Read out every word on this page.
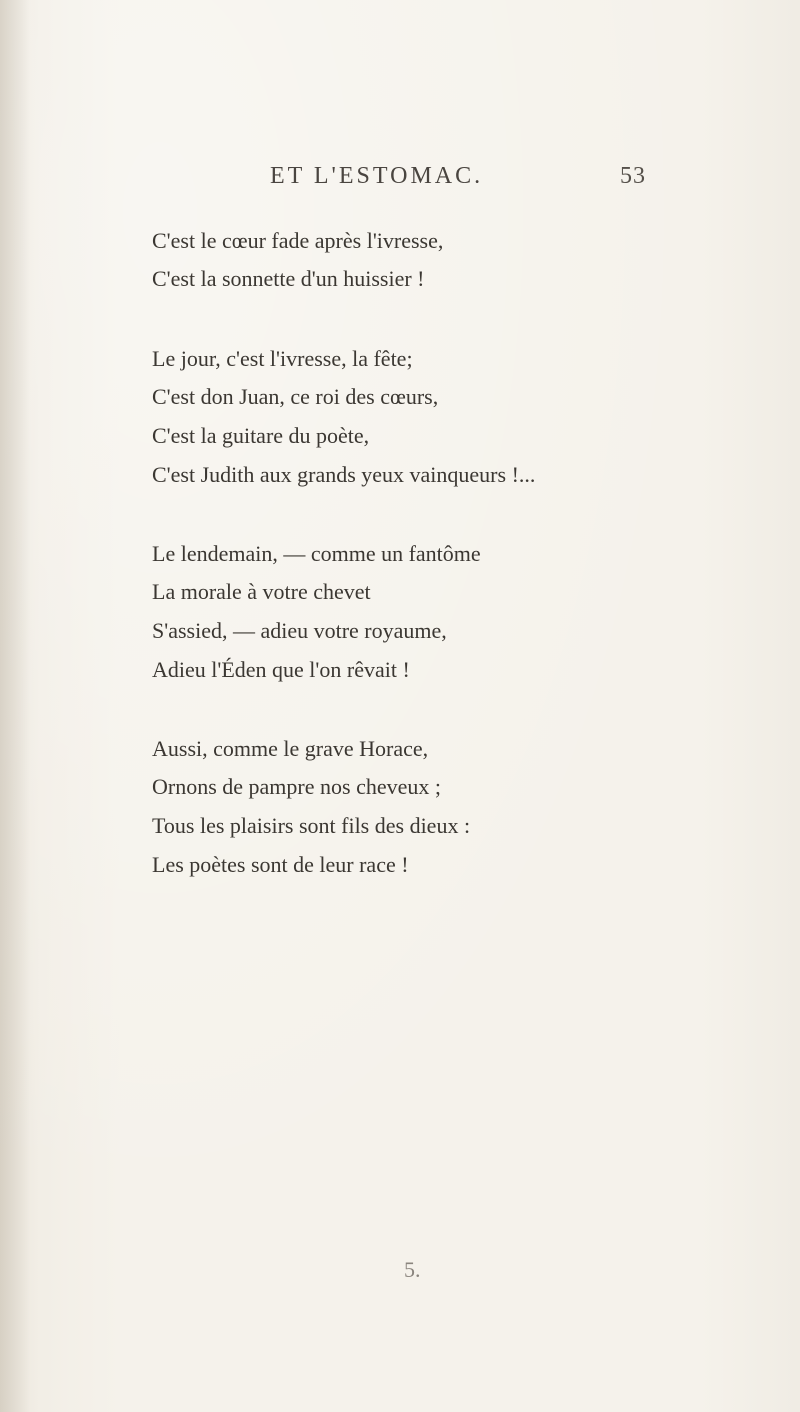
ET L'ESTOMAC.	53
C'est le cœur fade après l'ivresse,
C'est la sonnette d'un huissier !
Le jour, c'est l'ivresse, la fête;
C'est don Juan, ce roi des cœurs,
C'est la guitare du poète,
C'est Judith aux grands yeux vainqueurs !...
Le lendemain, — comme un fantôme
La morale à votre chevet
S'assied, — adieu votre royaume,
Adieu l'Éden que l'on rêvait !
Aussi, comme le grave Horace,
Ornons de pampre nos cheveux ;
Tous les plaisirs sont fils des dieux :
Les poètes sont de leur race !
5.
